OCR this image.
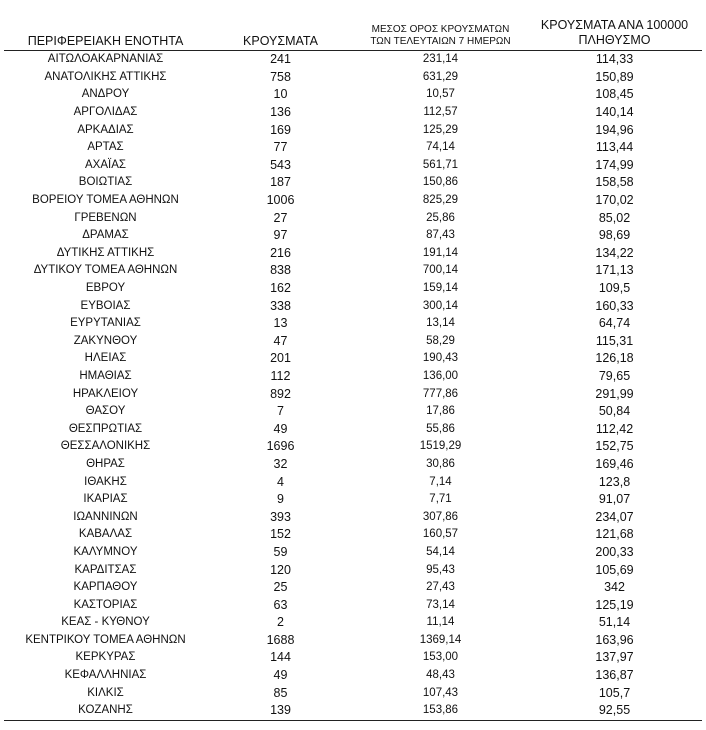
ΠΕΡΙΦΕΡΕΙΑΚΗ ΕΝΟΤΗΤΑ	ΚΡΟΥΣΜΑΤΑ	ΜΕΣΟΣ ΟΡΟΣ ΚΡΟΥΣΜΑΤΩΝ
ΤΩΝ ΤΕΛΕΥΤΑΙΩΝ 7 ΗΜΕΡΩΝ	ΚΡΟΥΣΜΑΤΑ ΑΝΑ 100000
ΠΛΗΘΥΣΜΟ

ΑΙΤΩΛΟΑΚΑΡΝΑΝΙΑΣ	241	231,14	114,33
ΑΝΑΤΟΛΙΚΗΣ ΑΤΤΙΚΗΣ	758	631,29	150,89
ΑΝΔΡΟΥ	10	10,57	108,45
ΑΡΓΟΛΙΔΑΣ	136	112,57	140,14
ΑΡΚΑΔΙΑΣ	169	125,29	194,96
ΑΡΤΑΣ	77	74,14	113,44
ΑΧΑΪΑΣ	543	561,71	174,99
ΒΟΙΩΤΙΑΣ	187	150,86	158,58
ΒΟΡΕΙΟΥ ΤΟΜΕΑ ΑΘΗΝΩΝ	1006	825,29	170,02
ΓΡΕΒΕΝΩΝ	27	25,86	85,02
ΔΡΑΜΑΣ	97	87,43	98,69
ΔΥΤΙΚΗΣ ΑΤΤΙΚΗΣ	216	191,14	134,22
ΔΥΤΙΚΟΥ ΤΟΜΕΑ ΑΘΗΝΩΝ	838	700,14	171,13
ΕΒΡΟΥ	162	159,14	109,5
ΕΥΒΟΙΑΣ	338	300,14	160,33
ΕΥΡΥΤΑΝΙΑΣ	13	13,14	64,74
ΖΑΚΥΝΘΟΥ	47	58,29	115,31
ΗΛΕΙΑΣ	201	190,43	126,18
ΗΜΑΘΙΑΣ	112	136,00	79,65
ΗΡΑΚΛΕΙΟΥ	892	777,86	291,99
ΘΑΣΟΥ	7	17,86	50,84
ΘΕΣΠΡΩΤΙΑΣ	49	55,86	112,42
ΘΕΣΣΑΛΟΝΙΚΗΣ	1696	1519,29	152,75
ΘΗΡΑΣ	32	30,86	169,46
ΙΘΑΚΗΣ	4	7,14	123,8
ΙΚΑΡΙΑΣ	9	7,71	91,07
ΙΩΑΝΝΙΝΩΝ	393	307,86	234,07
ΚΑΒΑΛΑΣ	152	160,57	121,68
ΚΑΛΥΜΝΟΥ	59	54,14	200,33
ΚΑΡΔΙΤΣΑΣ	120	95,43	105,69
ΚΑΡΠΑΘΟΥ	25	27,43	342
ΚΑΣΤΟΡΙΑΣ	63	73,14	125,19
ΚΕΑΣ - ΚΥΘΝΟΥ	2	11,14	51,14
ΚΕΝΤΡΙΚΟΥ ΤΟΜΕΑ ΑΘΗΝΩΝ	1688	1369,14	163,96
ΚΕΡΚΥΡΑΣ	144	153,00	137,97
ΚΕΦΑΛΛΗΝΙΑΣ	49	48,43	136,87
ΚΙΛΚΙΣ	85	107,43	105,7
ΚΟΖΑΝΗΣ	139	153,86	92,55
